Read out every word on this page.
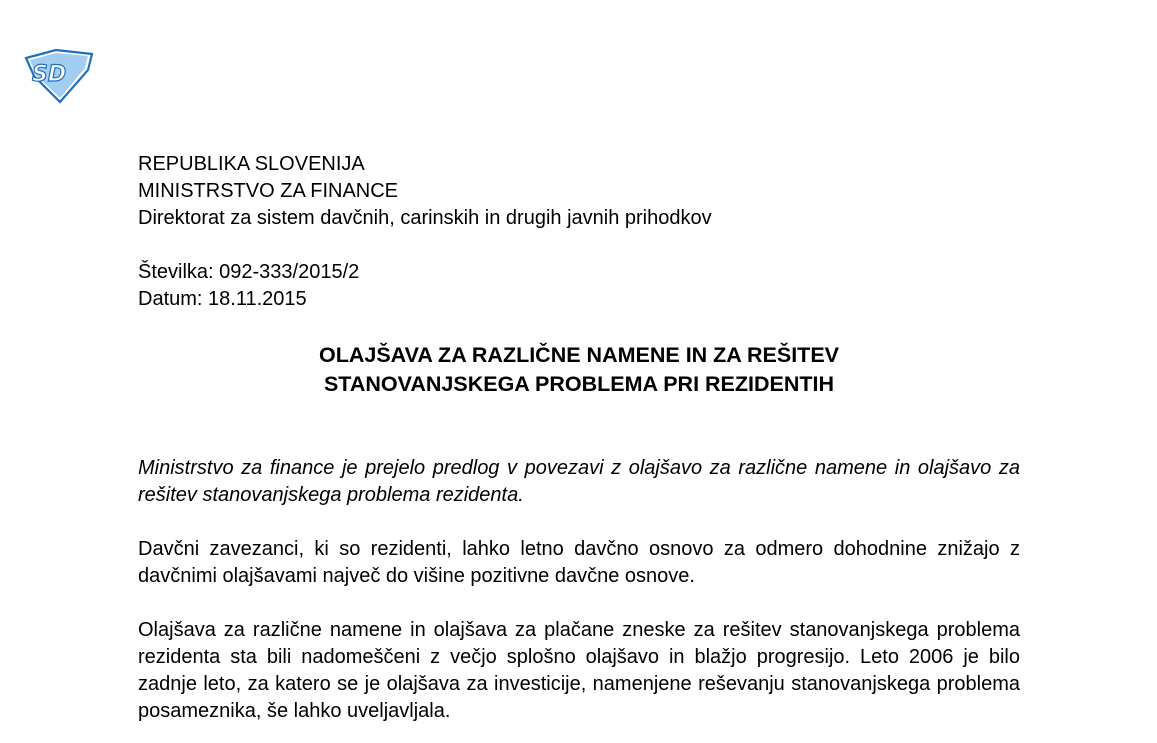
SD
REPUBLIKA SLOVENIJA
MINISTRSTVO ZA FINANCE
Direktorat za sistem davčnih, carinskih in drugih javnih prihodkov
Številka: 092-333/2015/2
Datum: 18.11.2015
OLAJŠAVA ZA RAZLIČNE NAMENE IN ZA REŠITEV
STANOVANJSKEGA PROBLEMA PRI REZIDENTIH
Ministrstvo za finance je prejelo predlog v povezavi z olajšavo za različne namene in olajšavo za rešitev stanovanjskega problema rezidenta.
Davčni zavezanci, ki so rezidenti, lahko letno davčno osnovo za odmero dohodnine znižajo z davčnimi olajšavami največ do višine pozitivne davčne osnove.
Olajšava za različne namene in olajšava za plačane zneske za rešitev stanovanjskega problema rezidenta sta bili nadomeščeni z večjo splošno olajšavo in blažjo progresijo. Leto 2006 je bilo zadnje leto, za katero se je olajšava za investicije, namenjene reševanju stanovanjskega problema posameznika, še lahko uveljavljala.
